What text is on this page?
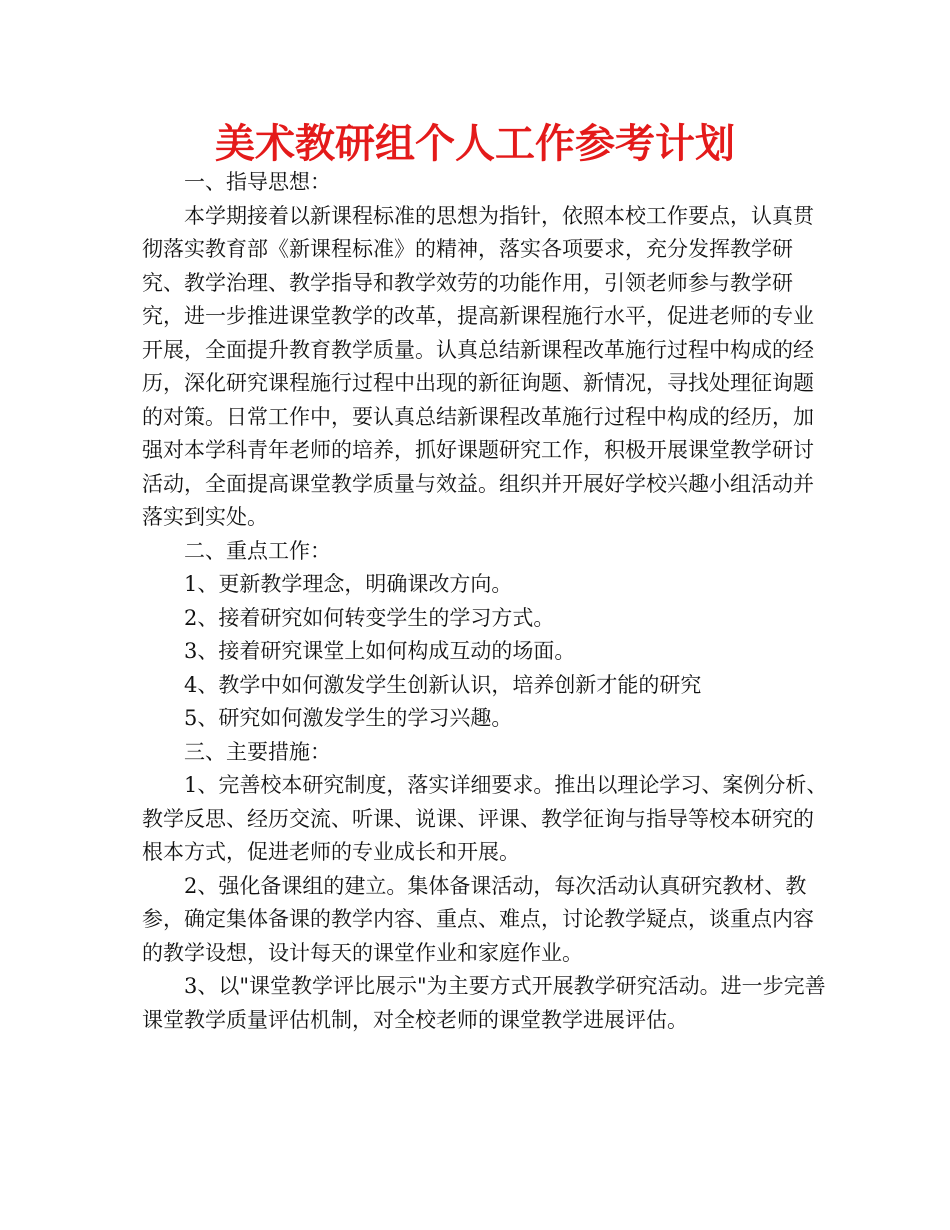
美术教研组个人工作参考计划

一、指导思想：

本学期接着以新课程标准的思想为指针，依照本校工作要点，认真贯彻落实教育部《新课程标准》的精神，落实各项要求，充分发挥教学研究、教学治理、教学指导和教学效劳的功能作用，引领老师参与教学研究，进一步推进课堂教学的改革，提高新课程施行水平，促进老师的专业开展，全面提升教育教学质量。认真总结新课程改革施行过程中构成的经历，深化研究课程施行过程中出现的新征询题、新情况，寻找处理征询题的对策。日常工作中，要认真总结新课程改革施行过程中构成的经历，加强对本学科青年老师的培养，抓好课题研究工作，积极开展课堂教学研讨活动，全面提高课堂教学质量与效益。组织并开展好学校兴趣小组活动并落实到实处。

二、重点工作：

1、更新教学理念，明确课改方向。

2、接着研究如何转变学生的学习方式。

3、接着研究课堂上如何构成互动的场面。

4、教学中如何激发学生创新认识，培养创新才能的研究

5、研究如何激发学生的学习兴趣。

三、主要措施：

1、完善校本研究制度，落实详细要求。推出以理论学习、案例分析、教学反思、经历交流、听课、说课、评课、教学征询与指导等校本研究的根本方式，促进老师的专业成长和开展。

2、强化备课组的建立。集体备课活动，每次活动认真研究教材、教参，确定集体备课的教学内容、重点、难点，讨论教学疑点，谈重点内容的教学设想，设计每天的课堂作业和家庭作业。

3、以"课堂教学评比展示"为主要方式开展教学研究活动。进一步完善课堂教学质量评估机制，对全校老师的课堂教学进展评估。
